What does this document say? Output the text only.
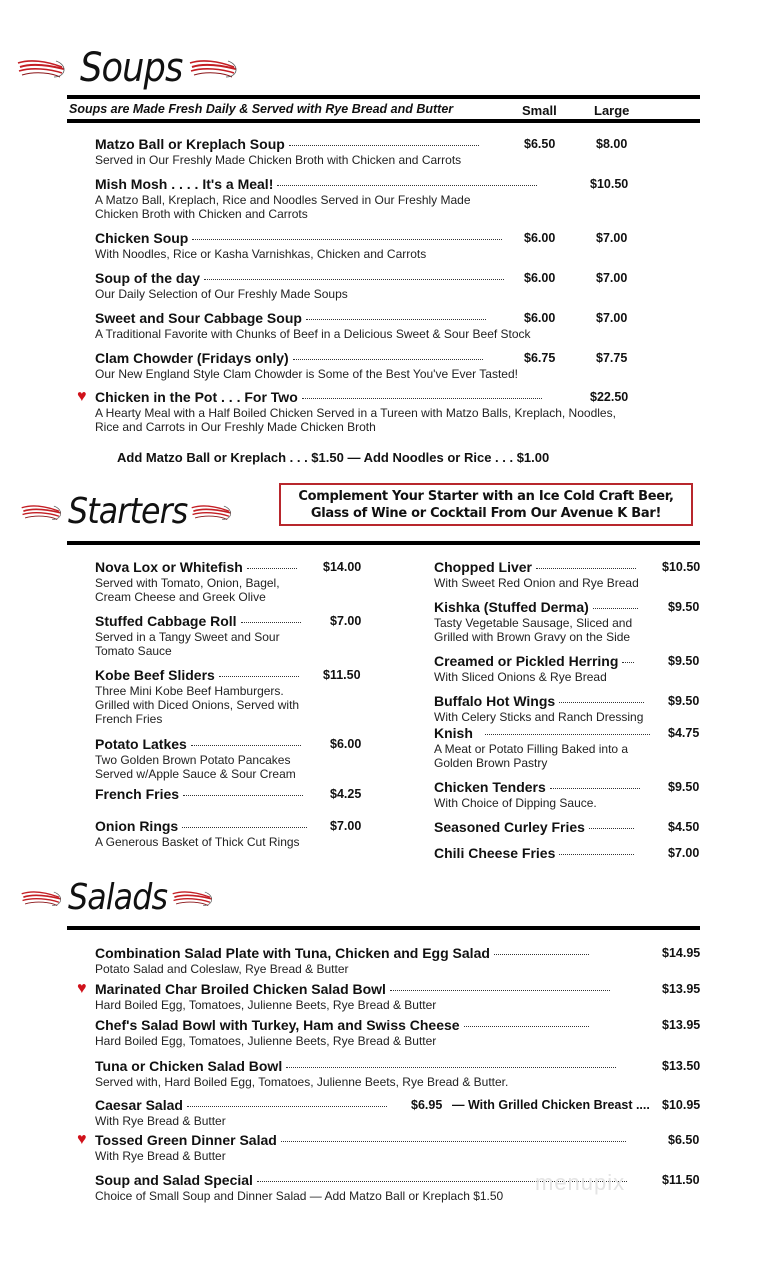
Soups
Soups are Made Fresh Daily & Served with Rye Bread and Butter	Small	Large
Matzo Ball or Kreplach Soup	$6.50	$8.00
Served in Our Freshly Made Chicken Broth with Chicken and Carrots
Mish Mosh . . . . It's a Meal!	$10.50
A Matzo Ball, Kreplach, Rice and Noodles Served in Our Freshly Made
Chicken Broth with Chicken and Carrots
Chicken Soup	$6.00	$7.00
With Noodles, Rice or Kasha Varnishkas, Chicken and Carrots
Soup of the day	$6.00	$7.00
Our Daily Selection of Our Freshly Made Soups
Sweet and Sour Cabbage Soup	$6.00	$7.00
A Traditional Favorite with Chunks of Beef in a Delicious Sweet & Sour Beef Stock
Clam Chowder (Fridays only)	$6.75	$7.75
Our New England Style Clam Chowder is Some of the Best You've Ever Tasted!
♥ Chicken in the Pot . . . For Two	$22.50
A Hearty Meal with a Half Boiled Chicken Served in a Tureen with Matzo Balls, Kreplach, Noodles,
Rice and Carrots in Our Freshly Made Chicken Broth
Add Matzo Ball or Kreplach . . . $1.50 — Add Noodles or Rice . . . $1.00
Starters	Complement Your Starter with an Ice Cold Craft Beer,
Glass of Wine or Cocktail From Our Avenue K Bar!
Nova Lox or Whitefish	$14.00
Served with Tomato, Onion, Bagel,
Cream Cheese and Greek Olive
Stuffed Cabbage Roll	$7.00
Served in a Tangy Sweet and Sour
Tomato Sauce
Kobe Beef Sliders	$11.50
Three Mini Kobe Beef Hamburgers.
Grilled with Diced Onions, Served with
French Fries
Potato Latkes	$6.00
Two Golden Brown Potato Pancakes
Served w/Apple Sauce & Sour Cream
French Fries	$4.25
Onion Rings	$7.00
A Generous Basket of Thick Cut Rings
Chopped Liver	$10.50
With Sweet Red Onion and Rye Bread
Kishka (Stuffed Derma)	$9.50
Tasty Vegetable Sausage, Sliced and
Grilled with Brown Gravy on the Side
Creamed or Pickled Herring	$9.50
With Sliced Onions & Rye Bread
Buffalo Hot Wings	$9.50
With Celery Sticks and Ranch Dressing
Knish	$4.75
A Meat or Potato Filling Baked into a
Golden Brown Pastry
Chicken Tenders	$9.50
With Choice of Dipping Sauce.
Seasoned Curley Fries	$4.50
Chili Cheese Fries	$7.00
Salads
Combination Salad Plate with Tuna, Chicken and Egg Salad	$14.95
Potato Salad and Coleslaw, Rye Bread & Butter
♥ Marinated Char Broiled Chicken Salad Bowl	$13.95
Hard Boiled Egg, Tomatoes, Julienne Beets, Rye Bread & Butter
Chef's Salad Bowl with Turkey, Ham and Swiss Cheese	$13.95
Hard Boiled Egg, Tomatoes, Julienne Beets, Rye Bread & Butter
Tuna or Chicken Salad Bowl	$13.50
Served with, Hard Boiled Egg, Tomatoes, Julienne Beets, Rye Bread & Butter.
Caesar Salad	$6.95 — With Grilled Chicken Breast .... $10.95
With Rye Bread & Butter
♥ Tossed Green Dinner Salad	$6.50
With Rye Bread & Butter
Soup and Salad Special	$11.50
Choice of Small Soup and Dinner Salad — Add Matzo Ball or Kreplach $1.50
menupix
